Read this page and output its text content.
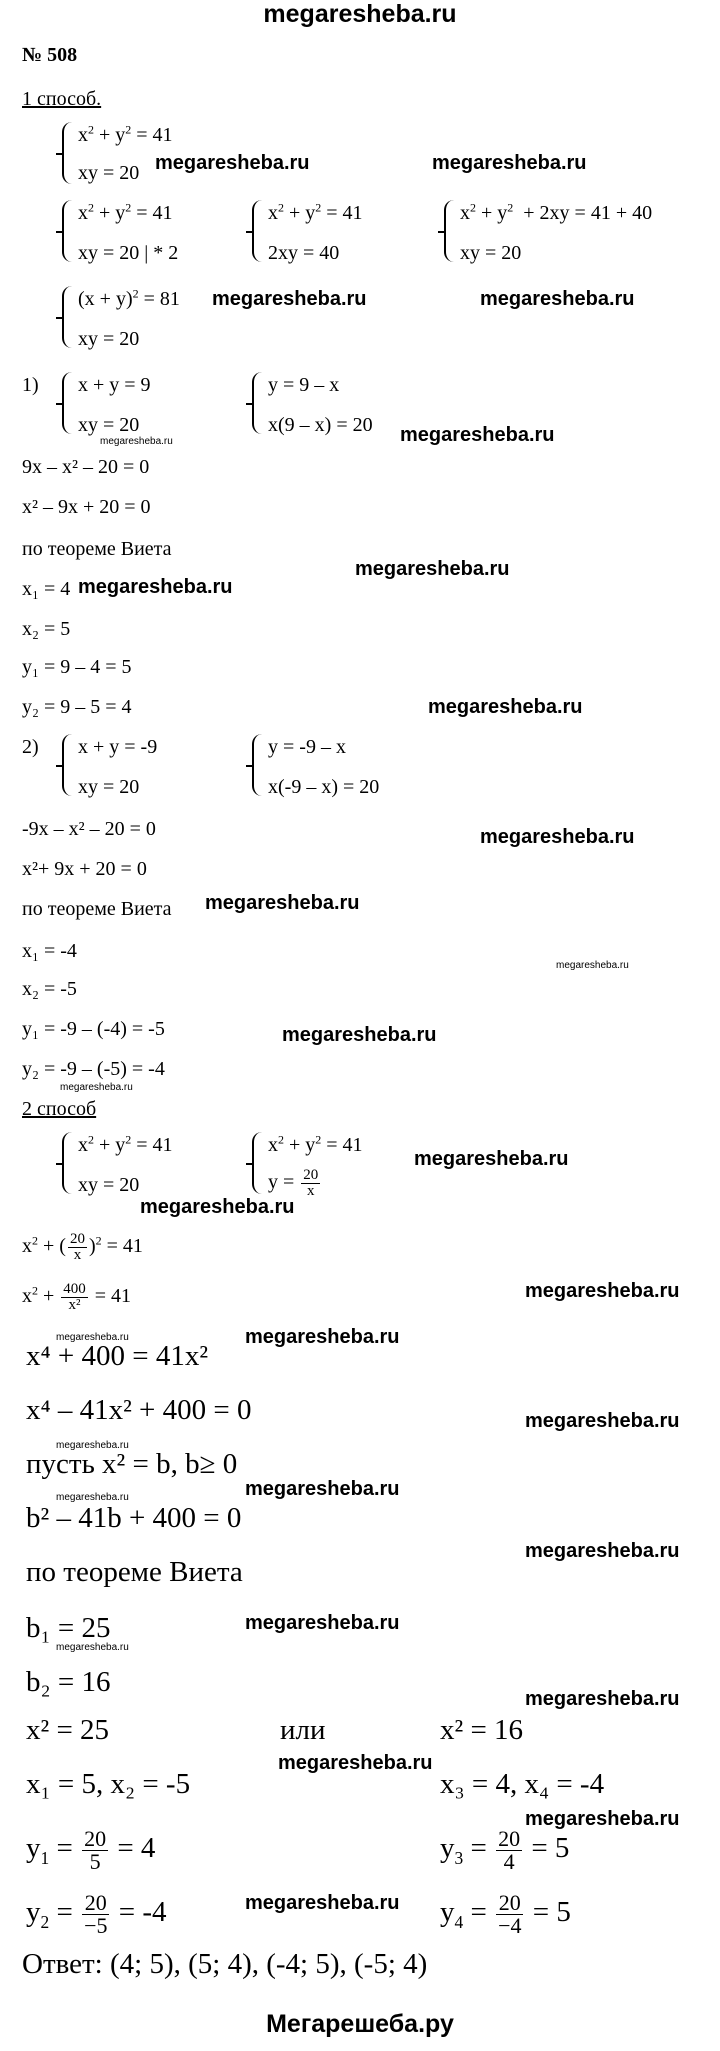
megaresheba.ru
№ 508
1 способ.
$x^2 + y^2 = 41$
xy = 20
$x^2 + y^2 = 41$
xy = 20 | * 2
$x^2 + y^2 = 41$
2xy = 40
$x^2 + y^2 + 2xy = 41 + 40$
xy = 20
$(x + y)^2 = 81$
xy = 20
1) x + y = 9
xy = 20
y = 9 – x
x(9 – x) = 20
9x – x² – 20 = 0
x² – 9x + 20 = 0
по теореме Виета
x₁ = 4
x₂ = 5
y₁ = 9 – 4 = 5
y₂ = 9 – 5 = 4
2) x + y = -9
xy = 20
y = -9 – x
x(-9 – x) = 20
-9x – x² – 20 = 0
x²+ 9x + 20 = 0
по теореме Виета
x₁ = -4
x₂ = -5
y₁ = -9 – (-4) = -5
y₂ = -9 – (-5) = -4
2 способ
$x^2 + y^2 = 41$
xy = 20
$x^2 + y^2 = 41$
$y = \frac{20}{x}$
$x^2$ + ( $\frac{20}{x} )^2 = 41$
$x^2 + \frac{400}{\text{x²}} = 41$
x⁴ + 400 = 41x²
x⁴ – 41x² + 400 = 0
пусть x² = b, b≥ 0
b² – 41b + 400 = 0
по теореме Виета
b₁ = 25
b₂ = 16
x² = 25	или	x² = 16
x₁ = 5, x₂ = -5	x₃ = 4, x₄ = -4
$y_1 = \frac{20}{5} = 4$	$y_3 = \frac{20}{4} = 5$
$y_2 = \frac{20}{-5} = -4$	$y_4 = \frac{20}{-4} = 5$
Ответ: (4; 5), (5; 4), (-4; 5), (-5; 4)
megaresheba.ru	megaresheba.ru
megaresheba.ru	megaresheba.ru
megaresheba.ru
megaresheba.ru
megaresheba.ru
megaresheba.ru
megaresheba.ru
megaresheba.ru
megaresheba.ru
megaresheba.ru
megaresheba.ru
megaresheba.ru
megaresheba.ru
megaresheba.ru
megaresheba.ru
megaresheba.ru
megaresheba.ru
megaresheba.ru
megaresheba.ru
megaresheba.ru
megaresheba.ru
megaresheba.ru
megaresheba.ru
megaresheba.ru
megaresheba.ru
megaresheba.ru
megaresheba.ru
megaresheba.ru
Мегарешеба.ру
